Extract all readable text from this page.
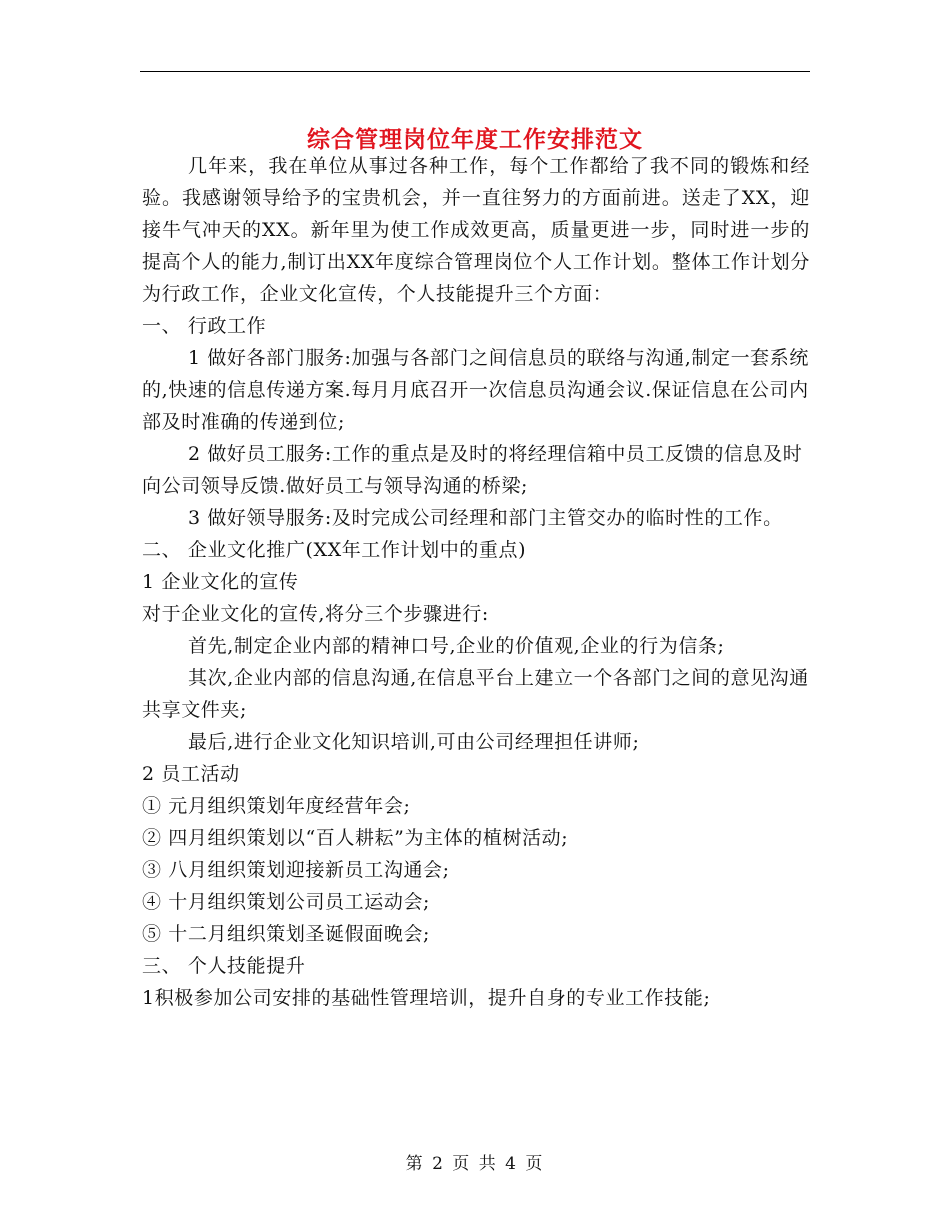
综合管理岗位年度工作安排范文

几年来，我在单位从事过各种工作，每个工作都给了我不同的锻炼和经验。我感谢领导给予的宝贵机会，并一直往努力的方面前进。送走了XX，迎接牛气冲天的XX。新年里为使工作成效更高，质量更进一步，同时进一步的提高个人的能力,制订出XX年度综合管理岗位个人工作计划。整体工作计划分为行政工作，企业文化宣传，个人技能提升三个方面：

一、 行政工作

1 做好各部门服务:加强与各部门之间信息员的联络与沟通,制定一套系统的,快速的信息传递方案.每月月底召开一次信息员沟通会议.保证信息在公司内部及时准确的传递到位;

2 做好员工服务:工作的重点是及时的将经理信箱中员工反馈的信息及时向公司领导反馈.做好员工与领导沟通的桥梁;

3 做好领导服务:及时完成公司经理和部门主管交办的临时性的工作。

二、 企业文化推广(XX年工作计划中的重点)

1 企业文化的宣传

对于企业文化的宣传,将分三个步骤进行:

首先,制定企业内部的精神口号,企业的价值观,企业的行为信条;

其次,企业内部的信息沟通,在信息平台上建立一个各部门之间的意见沟通共享文件夹;

最后,进行企业文化知识培训,可由公司经理担任讲师;

2 员工活动

① 元月组织策划年度经营年会;

② 四月组织策划以“百人耕耘”为主体的植树活动;

③ 八月组织策划迎接新员工沟通会;

④ 十月组织策划公司员工运动会;

⑤ 十二月组织策划圣诞假面晚会;

三、 个人技能提升

1积极参加公司安排的基础性管理培训，提升自身的专业工作技能;

第 2 页 共 4 页
